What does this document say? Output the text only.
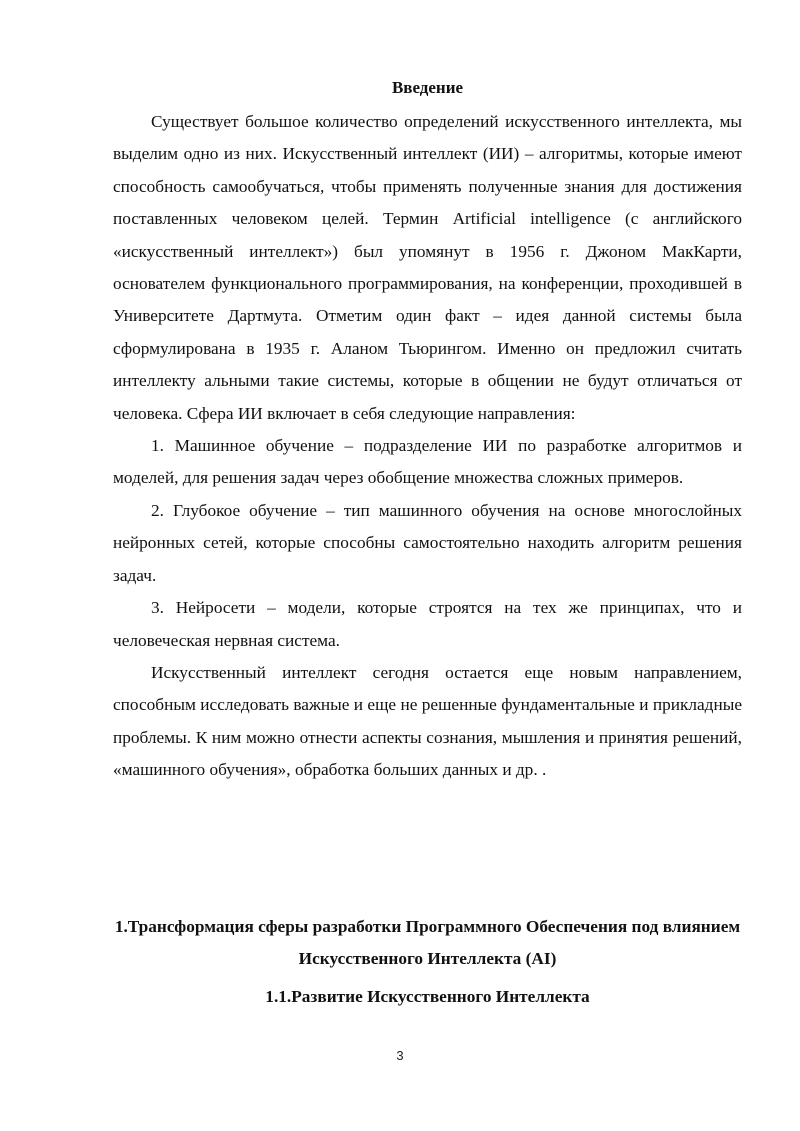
Введение

Существует большое количество определений искусственного интеллекта, мы выделим одно из них. Искусственный интеллект (ИИ) – алгоритмы, которые имеют способность самообучаться, чтобы применять полученные знания для достижения поставленных человеком целей. Термин Artificial intelligence (с английского «искусственный интеллект») был упомянут в 1956 г. Джоном МакКарти, основателем функционального программирования, на конференции, проходившей в Университете Дартмута. Отметим один факт – идея данной системы была сформулирована в 1935 г. Аланом Тьюрингом. Именно он предложил считать интеллекту альными такие системы, которые в общении не будут отличаться от человека. Сфера ИИ включает в себя следующие направления:

1. Машинное обучение – подразделение ИИ по разработке алгоритмов и моделей, для решения задач через обобщение множества сложных примеров.

2. Глубокое обучение – тип машинного обучения на основе многослойных нейронных сетей, которые способны самостоятельно находить алгоритм решения задач.

3. Нейросети – модели, которые строятся на тех же принципах, что и человеческая нервная система.

Искусственный интеллект сегодня остается еще новым направлением, способным исследовать важные и еще не решенные фундаментальные и прикладные проблемы. К ним можно отнести аспекты сознания, мышления и принятия решений, «машинного обучения», обработка больших данных и др. .

1.Трансформация сферы разработки Программного Обеспечения под влиянием Искусственного Интеллекта (AI)
1.1.Развитие Искусственного Интеллекта
3
